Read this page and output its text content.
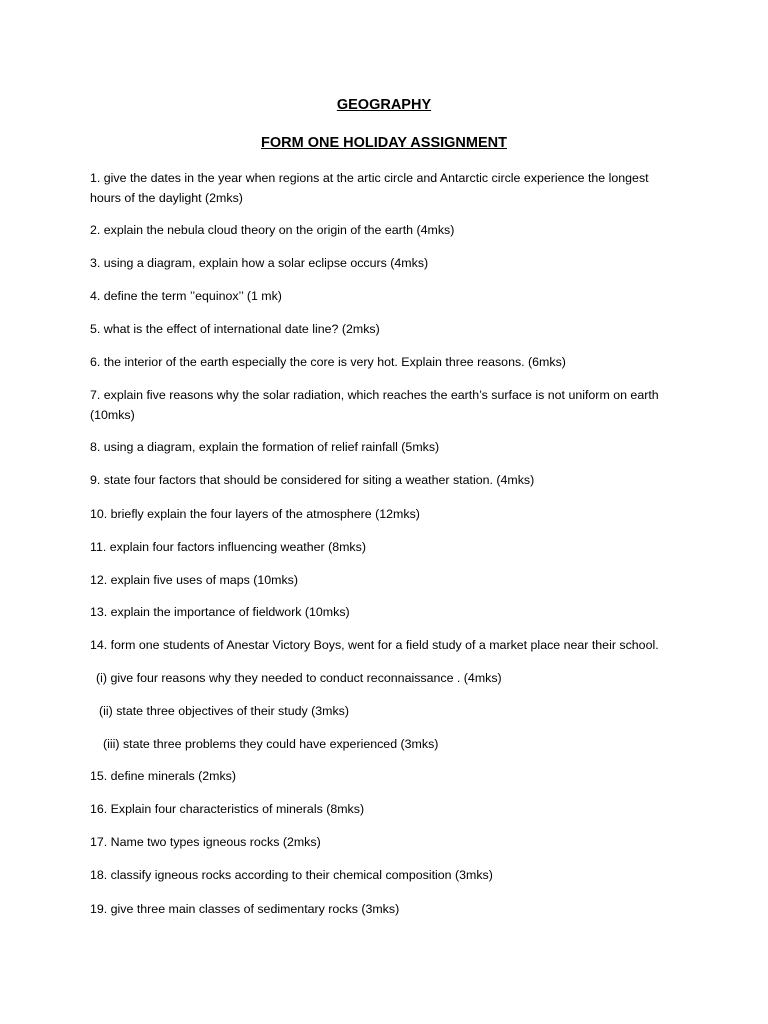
GEOGRAPHY
FORM ONE HOLIDAY ASSIGNMENT
1. give the dates in the year when regions at the artic circle and Antarctic circle experience the longest hours of the daylight (2mks)
2. explain the nebula cloud theory on the origin of the earth (4mks)
3. using a diagram, explain how a solar eclipse occurs (4mks)
4. define the term ’’equinox’’ (1 mk)
5. what is the effect of international date line? (2mks)
6. the interior of the earth especially the core is very hot. Explain three reasons. (6mks)
7. explain five reasons why the solar radiation, which reaches the earth’s surface is not uniform on earth (10mks)
8. using a diagram, explain the formation of relief rainfall (5mks)
9. state four factors that should be considered for siting a weather station. (4mks)
10. briefly explain the four layers of the atmosphere (12mks)
11. explain four factors influencing weather (8mks)
12. explain five uses of maps (10mks)
13. explain the importance of fieldwork (10mks)
14. form one students of Anestar Victory Boys, went for a field study of a market place near their school.
(i) give four reasons why they needed to conduct reconnaissance . (4mks)
(ii) state three objectives of their study (3mks)
(iii) state three problems they could have experienced (3mks)
15. define minerals (2mks)
16. Explain four characteristics of minerals (8mks)
17. Name two types igneous rocks (2mks)
18. classify igneous rocks according to their chemical composition (3mks)
19. give three main classes of sedimentary rocks (3mks)
